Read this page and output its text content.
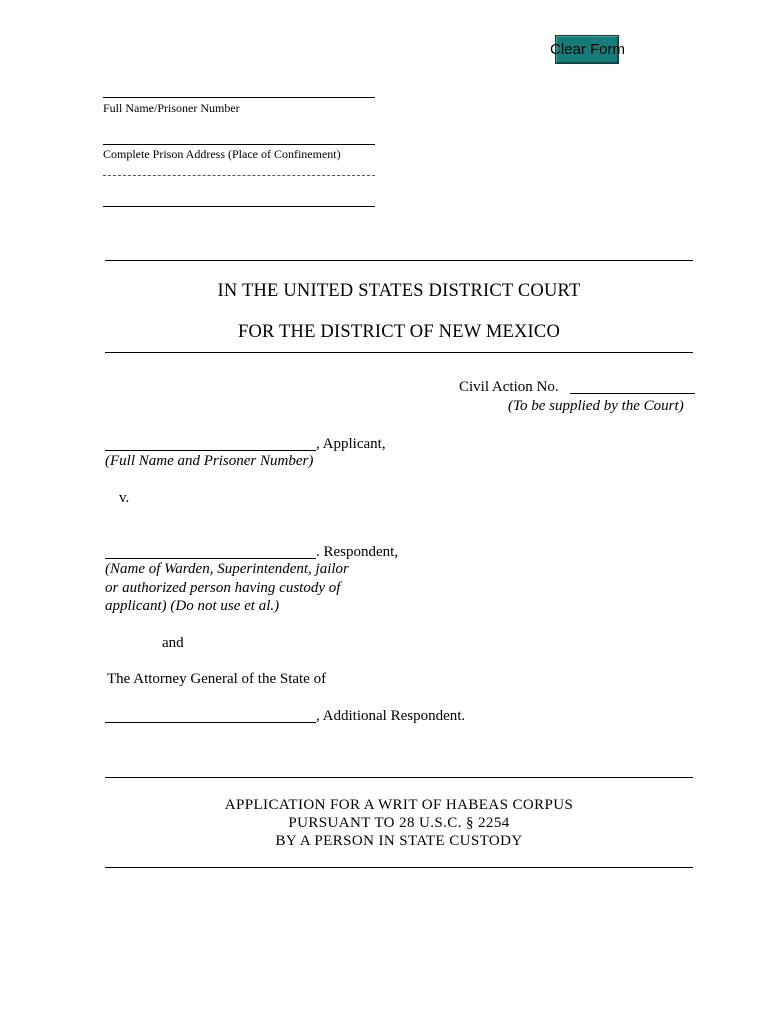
Clear Form
Full Name/Prisoner Number
Complete Prison Address (Place of Confinement)
IN THE UNITED STATES DISTRICT COURT
FOR THE DISTRICT OF NEW MEXICO
Civil Action No.
(To be supplied by the Court)
, Applicant,
(Full Name and Prisoner Number)
v.
. Respondent,
(Name of Warden, Superintendent, jailor
or authorized person having custody of
applicant) (Do not use et al.)
and
The Attorney General of the State of
, Additional Respondent.
APPLICATION FOR A WRIT OF HABEAS CORPUS
PURSUANT TO 28 U.S.C. § 2254
BY A PERSON IN STATE CUSTODY
